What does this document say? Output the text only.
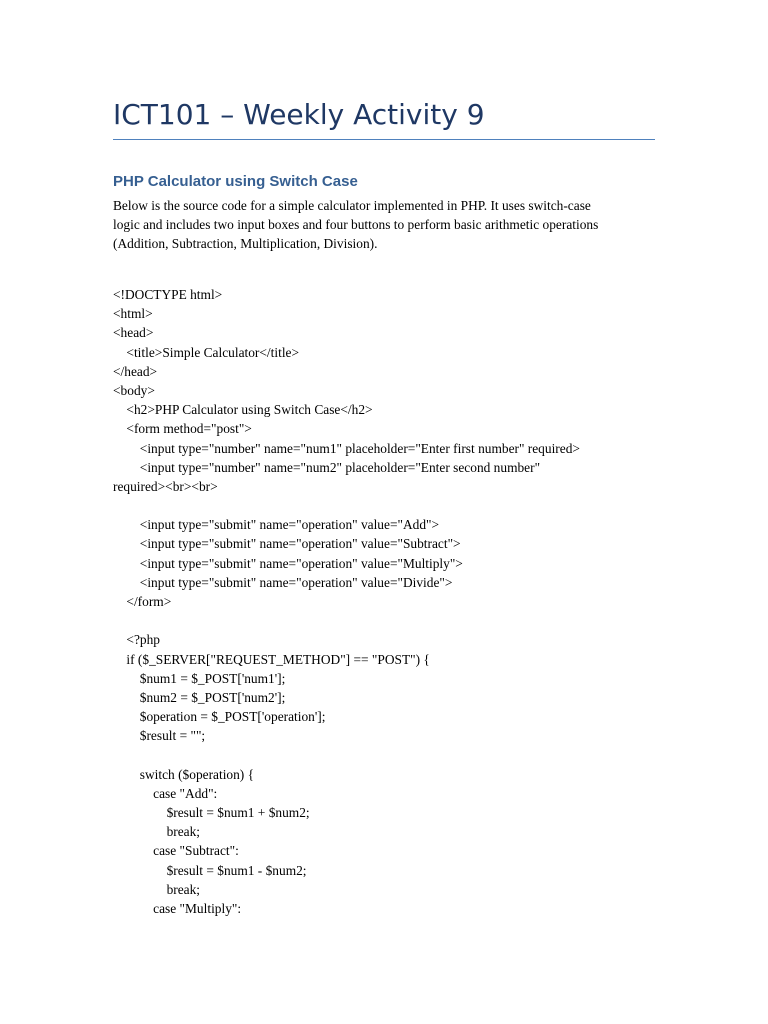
ICT101 – Weekly Activity 9
PHP Calculator using Switch Case
Below is the source code for a simple calculator implemented in PHP. It uses switch-case
logic and includes two input boxes and four buttons to perform basic arithmetic operations
(Addition, Subtraction, Multiplication, Division).
<!DOCTYPE html>
<html>
<head>
<title>Simple Calculator</title>
</head>
<body>
<h2>PHP Calculator using Switch Case</h2>
<form method="post">
<input type="number" name="num1" placeholder="Enter first number" required>
<input type="number" name="num2" placeholder="Enter second number"
required><br><br>
<input type="submit" name="operation" value="Add">
<input type="submit" name="operation" value="Subtract">
<input type="submit" name="operation" value="Multiply">
<input type="submit" name="operation" value="Divide">
</form>
<?php
if ($_SERVER["REQUEST_METHOD"] == "POST") {
$num1 = $_POST['num1'];
$num2 = $_POST['num2'];
$operation = $_POST['operation'];
$result = "";
switch ($operation) {
case "Add":
$result = $num1 + $num2;
break;
case "Subtract":
$result = $num1 - $num2;
break;
case "Multiply":
